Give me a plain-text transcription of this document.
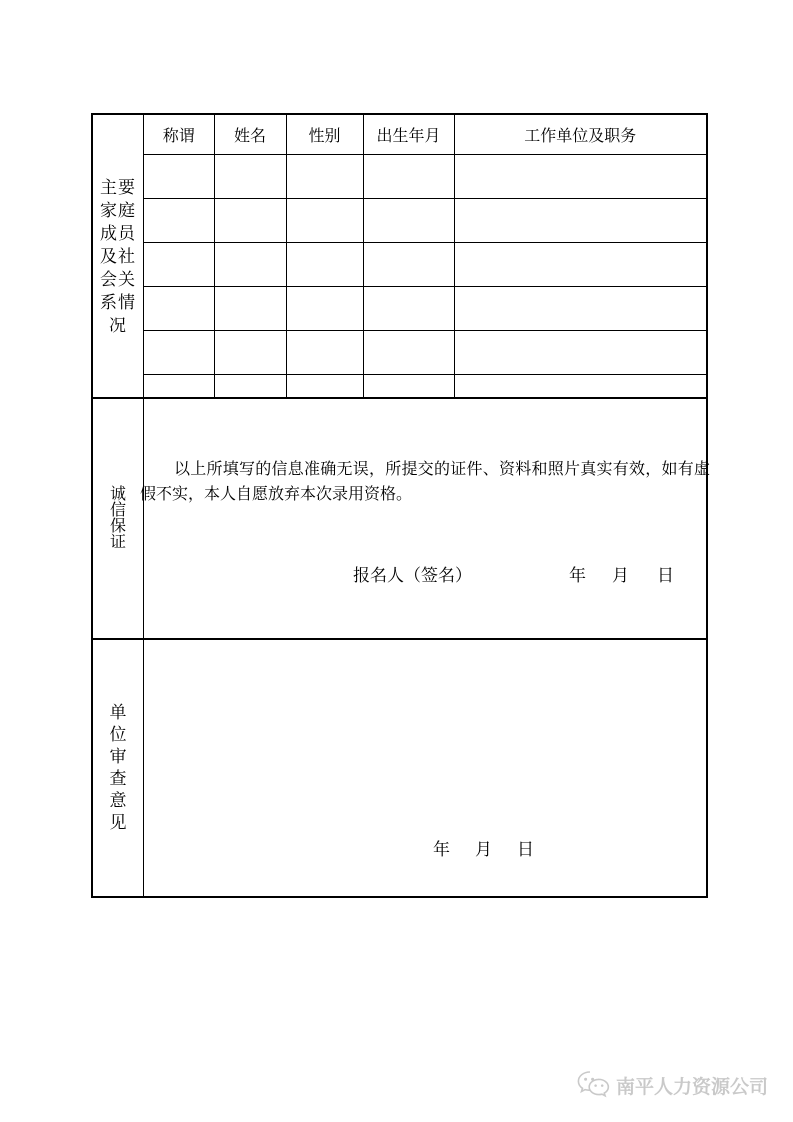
主要
家庭
成员
及社
会关
系情
况
称谓	姓名	性别	出生年月	工作单位及职务

诚
信
保
证

以上所填写的信息准确无误，所提交的证件、资料和照片真实有效，如有虚假不实，本人自愿放弃本次录用资格。

报名人（签名）	年 月 日
单
位
审
查
意
见
年 月 日
南平人力资源公司
